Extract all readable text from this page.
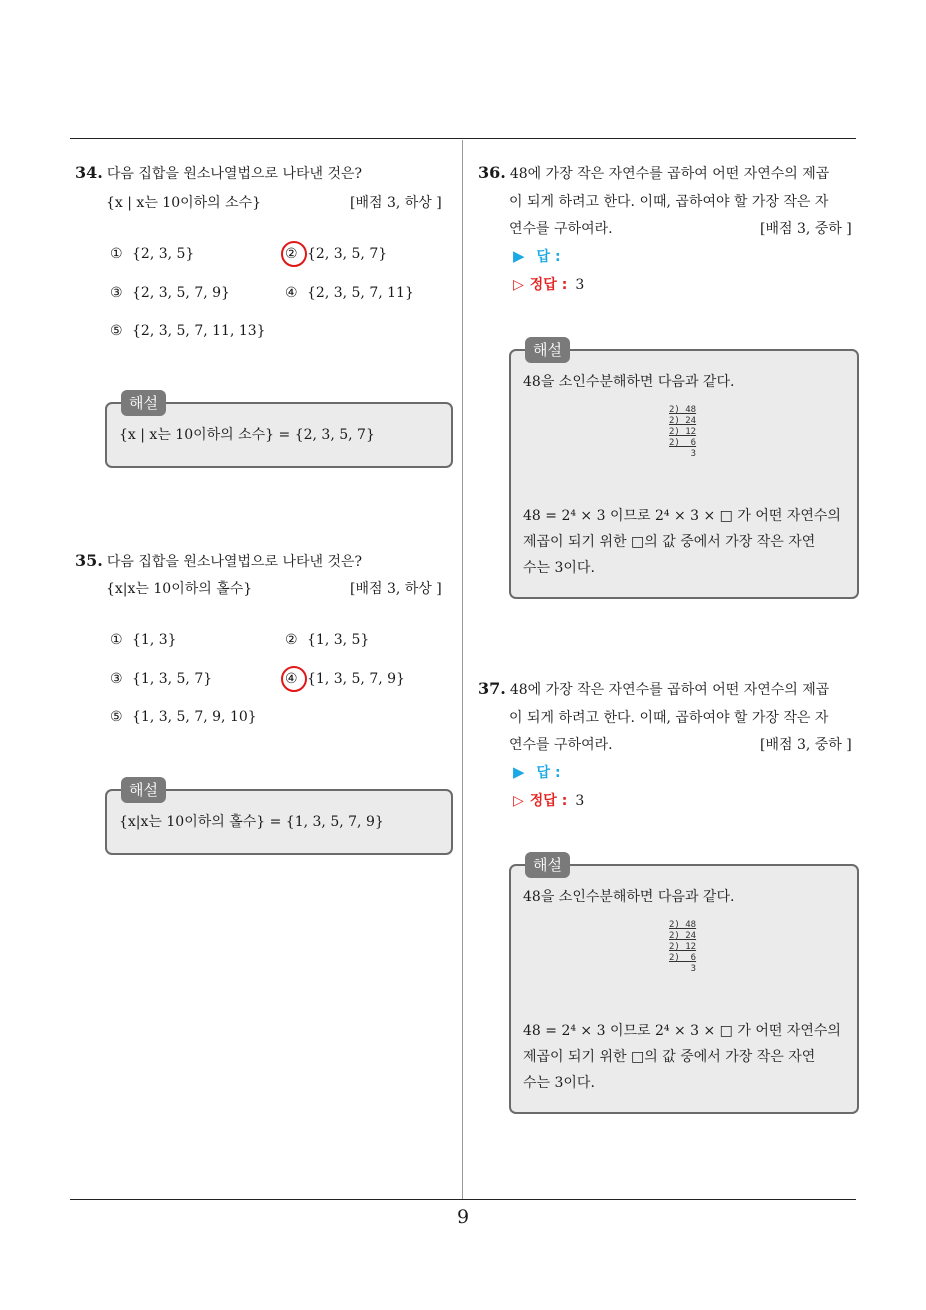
9
34. 다음 집합을 원소나열법으로 나타낸 것은?
{x | x는 10이하의 소수}	[배점 3, 하상 ]
① {2, 3, 5}	② {2, 3, 5, 7}
③ {2, 3, 5, 7, 9}	④ {2, 3, 5, 7, 11}
⑤ {2, 3, 5, 7, 11, 13}
해설
{x | x는 10이하의 소수} = {2, 3, 5, 7}
35. 다음 집합을 원소나열법으로 나타낸 것은?
{x|x는 10이하의 홀수}	[배점 3, 하상 ]
① {1, 3}	② {1, 3, 5}
③ {1, 3, 5, 7}	④ {1, 3, 5, 7, 9}
⑤ {1, 3, 5, 7, 9, 10}
해설
{x|x는 10이하의 홀수} = {1, 3, 5, 7, 9}
36. 48에 가장 작은 자연수를 곱하여 어떤 자연수의 제곱
이 되게 하려고 한다. 이때, 곱하여야 할 가장 작은 자
연수를 구하여라.	[배점 3, 중하 ]
▶ 답 :
▷ 정답 : 3
해설
48을 소인수분해하면 다음과 같다.
2) 48
2) 24
2) 12
2)  6
3
48 = 2⁴ × 3 이므로 2⁴ × 3 × □ 가 어떤 자연수의
제곱이 되기 위한 □의 값 중에서 가장 작은 자연
수는 3이다.
37. 48에 가장 작은 자연수를 곱하여 어떤 자연수의 제곱
이 되게 하려고 한다. 이때, 곱하여야 할 가장 작은 자
연수를 구하여라.	[배점 3, 중하 ]
▶ 답 :
▷ 정답 : 3
해설
48을 소인수분해하면 다음과 같다.
2) 48
2) 24
2) 12
2)  6
3
48 = 2⁴ × 3 이므로 2⁴ × 3 × □ 가 어떤 자연수의
제곱이 되기 위한 □의 값 중에서 가장 작은 자연
수는 3이다.
